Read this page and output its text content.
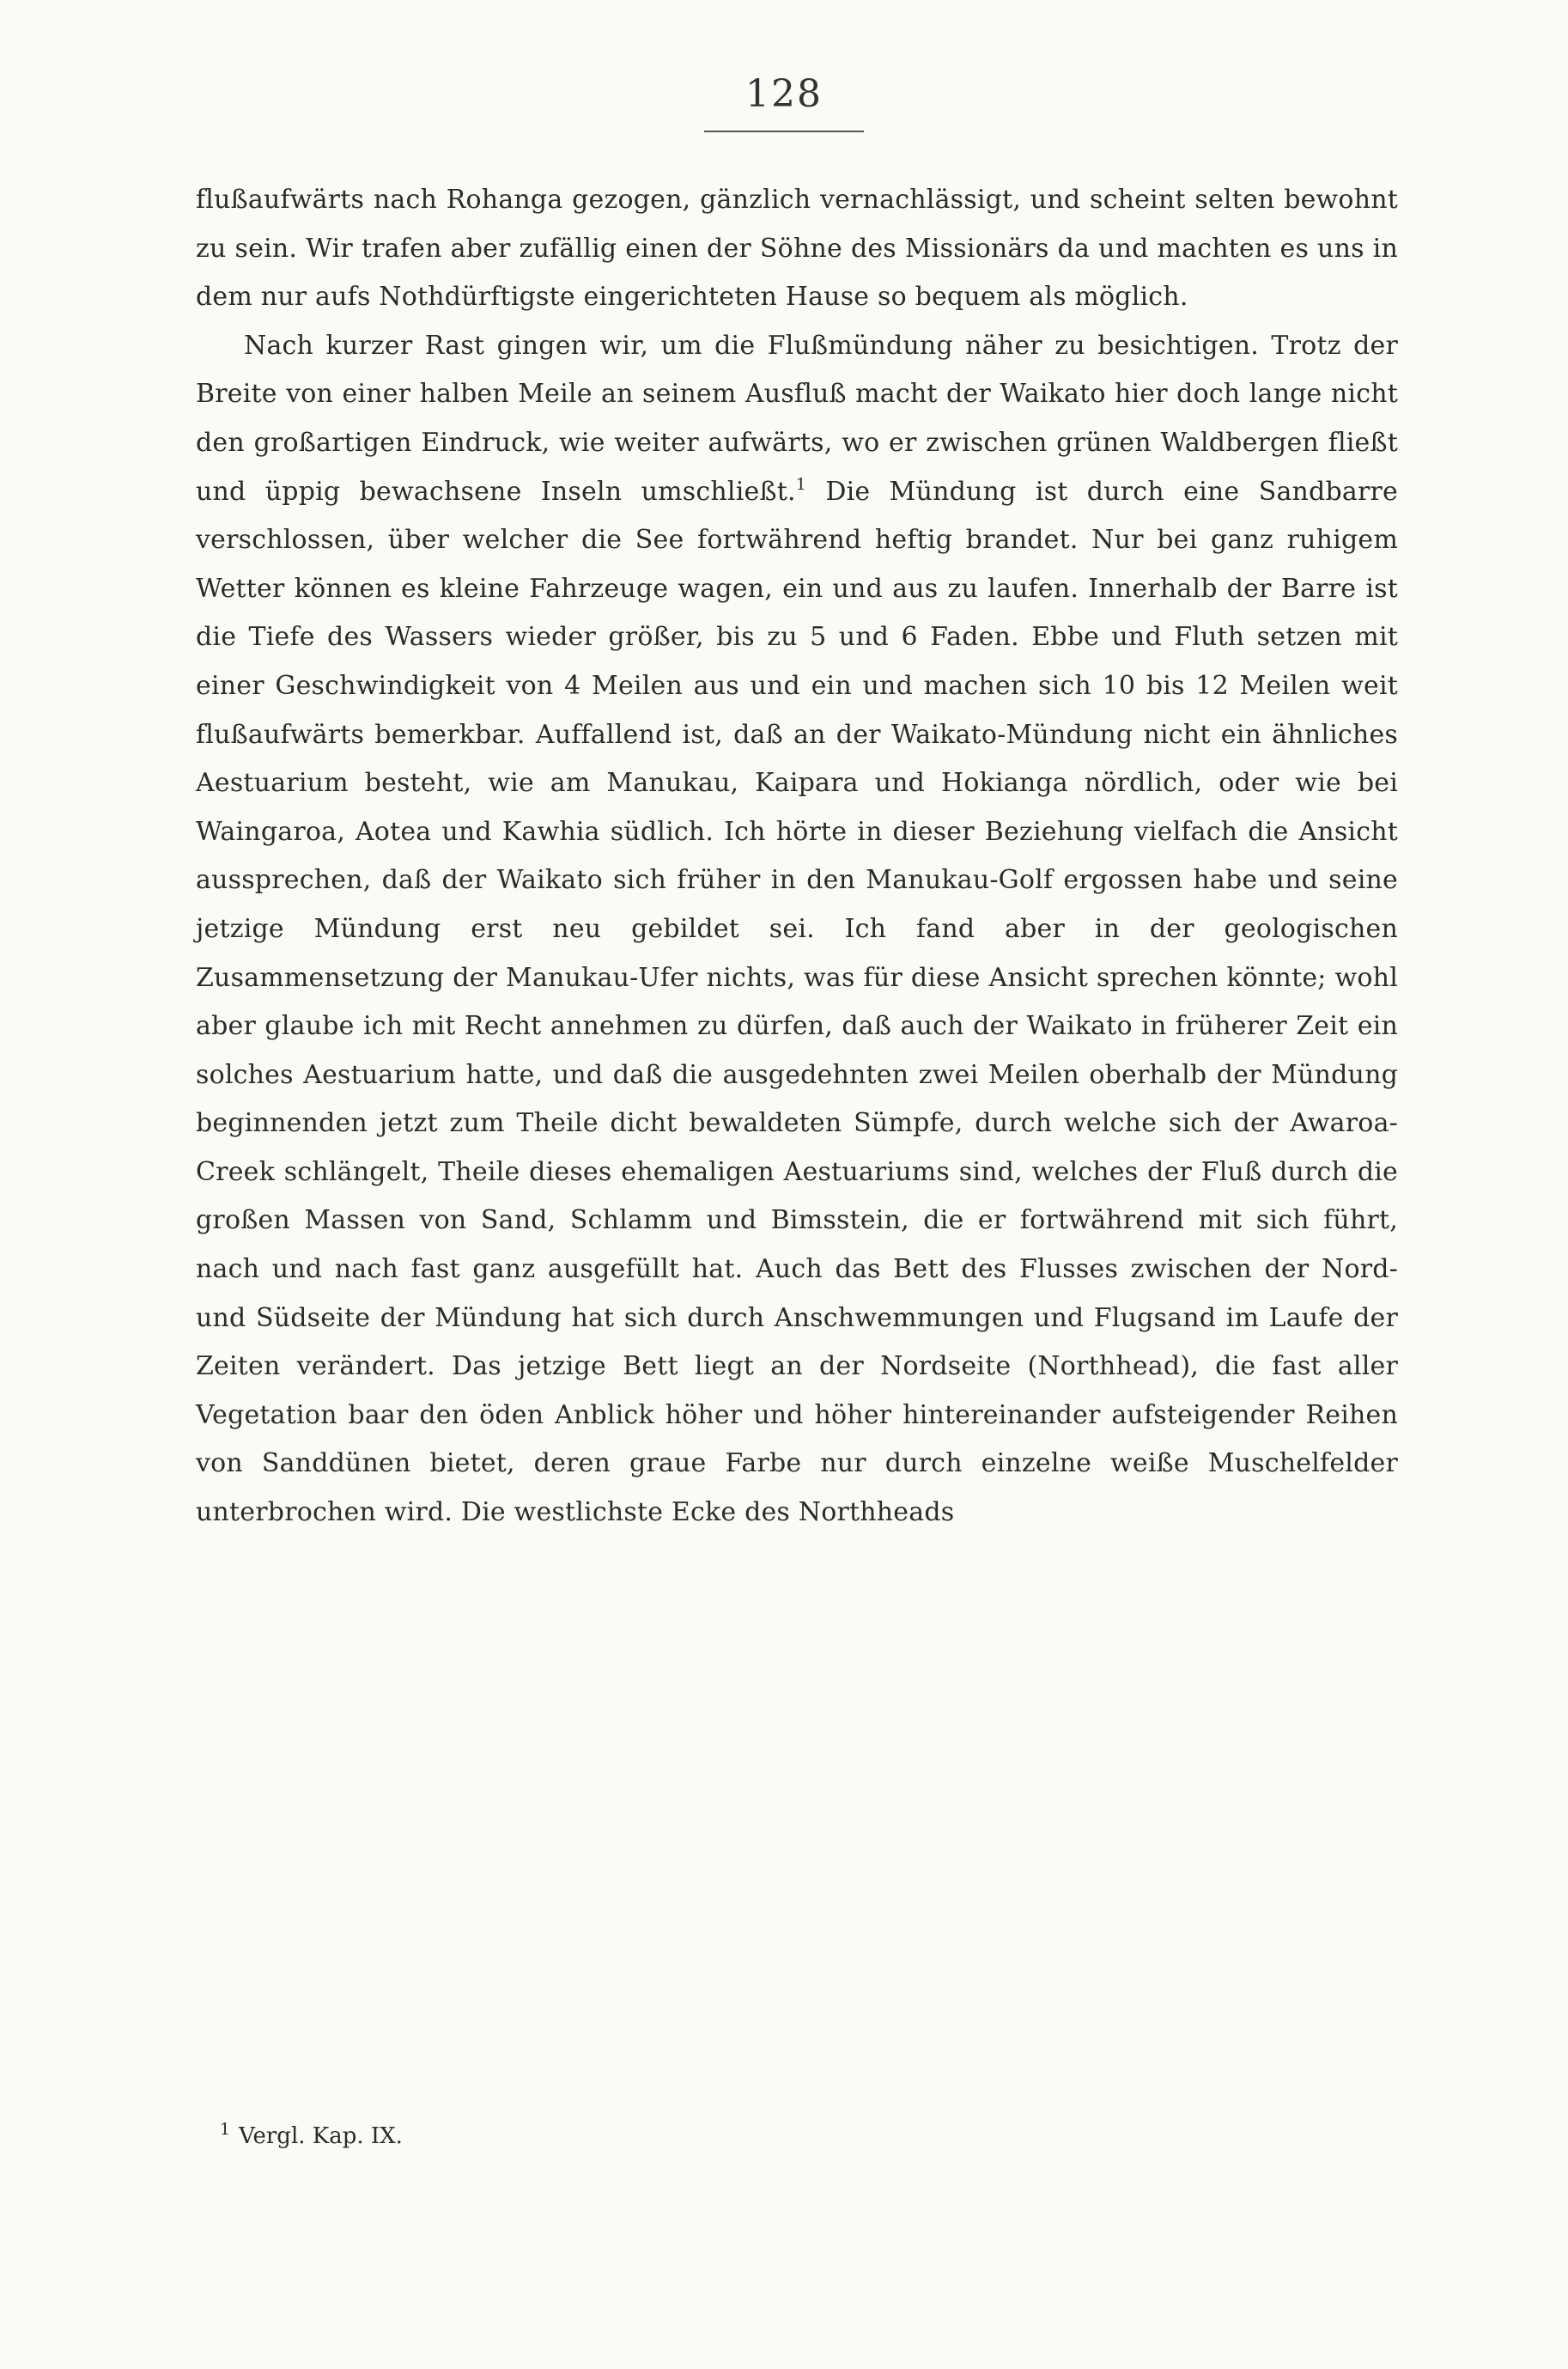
128

flußaufwärts nach Rohanga gezogen, gänzlich vernachlässigt, und scheint selten bewohnt zu sein. Wir trafen aber zufällig einen der Söhne des Missionärs da und machten es uns in dem nur aufs Nothdürftigste eingerichteten Hause so bequem als möglich.

Nach kurzer Rast gingen wir, um die Flußmündung näher zu besichtigen. Trotz der Breite von einer halben Meile an seinem Ausfluß macht der Waikato hier doch lange nicht den großartigen Eindruck, wie weiter aufwärts, wo er zwischen grünen Waldbergen fließt und üppig bewachsene Inseln umschließt.$^1$ Die Mündung ist durch eine Sandbarre verschlossen, über welcher die See fortwährend heftig brandet. Nur bei ganz ruhigem Wetter können es kleine Fahrzeuge wagen, ein und aus zu laufen. Innerhalb der Barre ist die Tiefe des Wassers wieder größer, bis zu 5 und 6 Faden. Ebbe und Fluth setzen mit einer Geschwindigkeit von 4 Meilen aus und ein und machen sich 10 bis 12 Meilen weit flußaufwärts bemerkbar. Auffallend ist, daß an der Waikato-Mündung nicht ein ähnliches Aestuarium besteht, wie am Manukau, Kaipara und Hokianga nördlich, oder wie bei Waingaroa, Aotea und Kawhia südlich. Ich hörte in dieser Beziehung vielfach die Ansicht aussprechen, daß der Waikato sich früher in den Manukau-Golf ergossen habe und seine jetzige Mündung erst neu gebildet sei. Ich fand aber in der geologischen Zusammensetzung der Manukau-Ufer nichts, was für diese Ansicht sprechen könnte; wohl aber glaube ich mit Recht annehmen zu dürfen, daß auch der Waikato in früherer Zeit ein solches Aestuarium hatte, und daß die ausgedehnten zwei Meilen oberhalb der Mündung beginnenden jetzt zum Theile dicht bewaldeten Sümpfe, durch welche sich der Awaroa-Creek schlängelt, Theile dieses ehemaligen Aestuariums sind, welches der Fluß durch die großen Massen von Sand, Schlamm und Bimsstein, die er fortwährend mit sich führt, nach und nach fast ganz ausgefüllt hat. Auch das Bett des Flusses zwischen der Nord- und Südseite der Mündung hat sich durch Anschwemmungen und Flugsand im Laufe der Zeiten verändert. Das jetzige Bett liegt an der Nordseite (Northhead), die fast aller Vegetation baar den öden Anblick höher und höher hintereinander aufsteigender Reihen von Sanddünen bietet, deren graue Farbe nur durch einzelne weiße Muschelfelder unterbrochen wird. Die westlichste Ecke des Northheads

$^1$ Vergl. Kap. IX.
